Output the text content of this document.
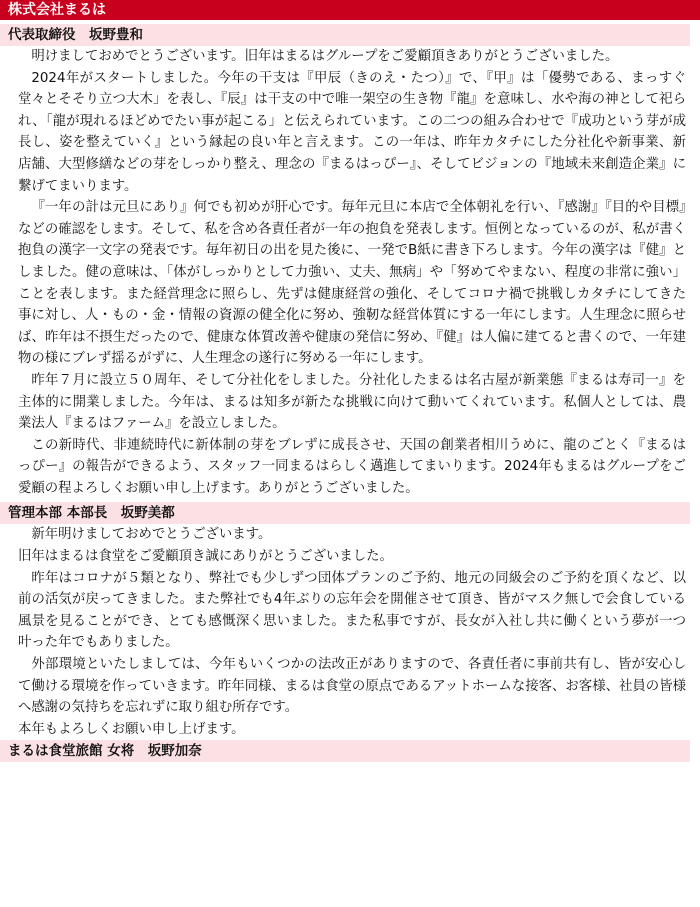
株式会社まるは
代表取締役　坂野豊和

明けましておめでとうございます。旧年はまるはグループをご愛顧頂きありがとうございました。

2024年がスタートしました。今年の干支は『甲辰（きのえ・たつ）』で、『甲』は「優勢である、まっすぐ堂々とそそり立つ大木」を表し、『辰』は干支の中で唯一架空の生き物『龍』を意味し、水や海の神として祀られ、「龍が現れるほどめでたい事が起こる」と伝えられています。この二つの組み合わせで『成功という芽が成長し、姿を整えていく』という縁起の良い年と言えます。この一年は、昨年カタチにした分社化や新事業、新店舗、大型修繕などの芽をしっかり整え、理念の『まるはっぴー』、そしてビジョンの『地域未来創造企業』に繋げてまいります。

『一年の計は元旦にあり』何でも初めが肝心です。毎年元旦に本店で全体朝礼を行い、『感謝』『目的や目標』などの確認をします。そして、私を含め各責任者が一年の抱負を発表します。恒例となっているのが、私が書く抱負の漢字一文字の発表です。毎年初日の出を見た後に、一発でB紙に書き下ろします。今年の漢字は『健』としました。健の意味は、「体がしっかりとして力強い、丈夫、無病」や「努めてやまない、程度の非常に強い」ことを表します。また経営理念に照らし、先ずは健康経営の強化、そしてコロナ禍で挑戦しカタチにしてきた事に対し、人・もの・金・情報の資源の健全化に努め、強靭な経営体質にする一年にします。人生理念に照らせば、昨年は不摂生だったので、健康な体質改善や健康の発信に努め、『健』は人偏に建てると書くので、一年建物の様にブレず揺るがずに、人生理念の遂行に努める一年にします。

昨年７月に設立５０周年、そして分社化をしました。分社化したまるは名古屋が新業態『まるは寿司一』を主体的に開業しました。今年は、まるは知多が新たな挑戦に向けて動いてくれています。私個人としては、農業法人『まるはファーム』を設立しました。

この新時代、非連続時代に新体制の芽をブレずに成長させ、天国の創業者相川うめに、龍のごとく『まるはっぴー』の報告ができるよう、スタッフ一同まるはらしく邁進してまいります。2024年もまるはグループをご愛顧の程よろしくお願い申し上げます。ありがとうございました。

管理本部 本部長　坂野美都

新年明けましておめでとうございます。

旧年はまるは食堂をご愛顧頂き誠にありがとうございました。

昨年はコロナが５類となり、弊社でも少しずつ団体プランのご予約、地元の同級会のご予約を頂くなど、以前の活気が戻ってきました。また弊社でも4年ぶりの忘年会を開催させて頂き、皆がマスク無しで会食している風景を見ることができ、とても感慨深く思いました。また私事ですが、長女が入社し共に働くという夢が一つ叶った年でもありました。

外部環境といたしましては、今年もいくつかの法改正がありますので、各責任者に事前共有し、皆が安心して働ける環境を作っていきます。昨年同様、まるは食堂の原点であるアットホームな接客、お客様、社員の皆様へ感謝の気持ちを忘れずに取り組む所存です。

本年もよろしくお願い申し上げます。

まるは食堂旅館 女将　坂野加奈
